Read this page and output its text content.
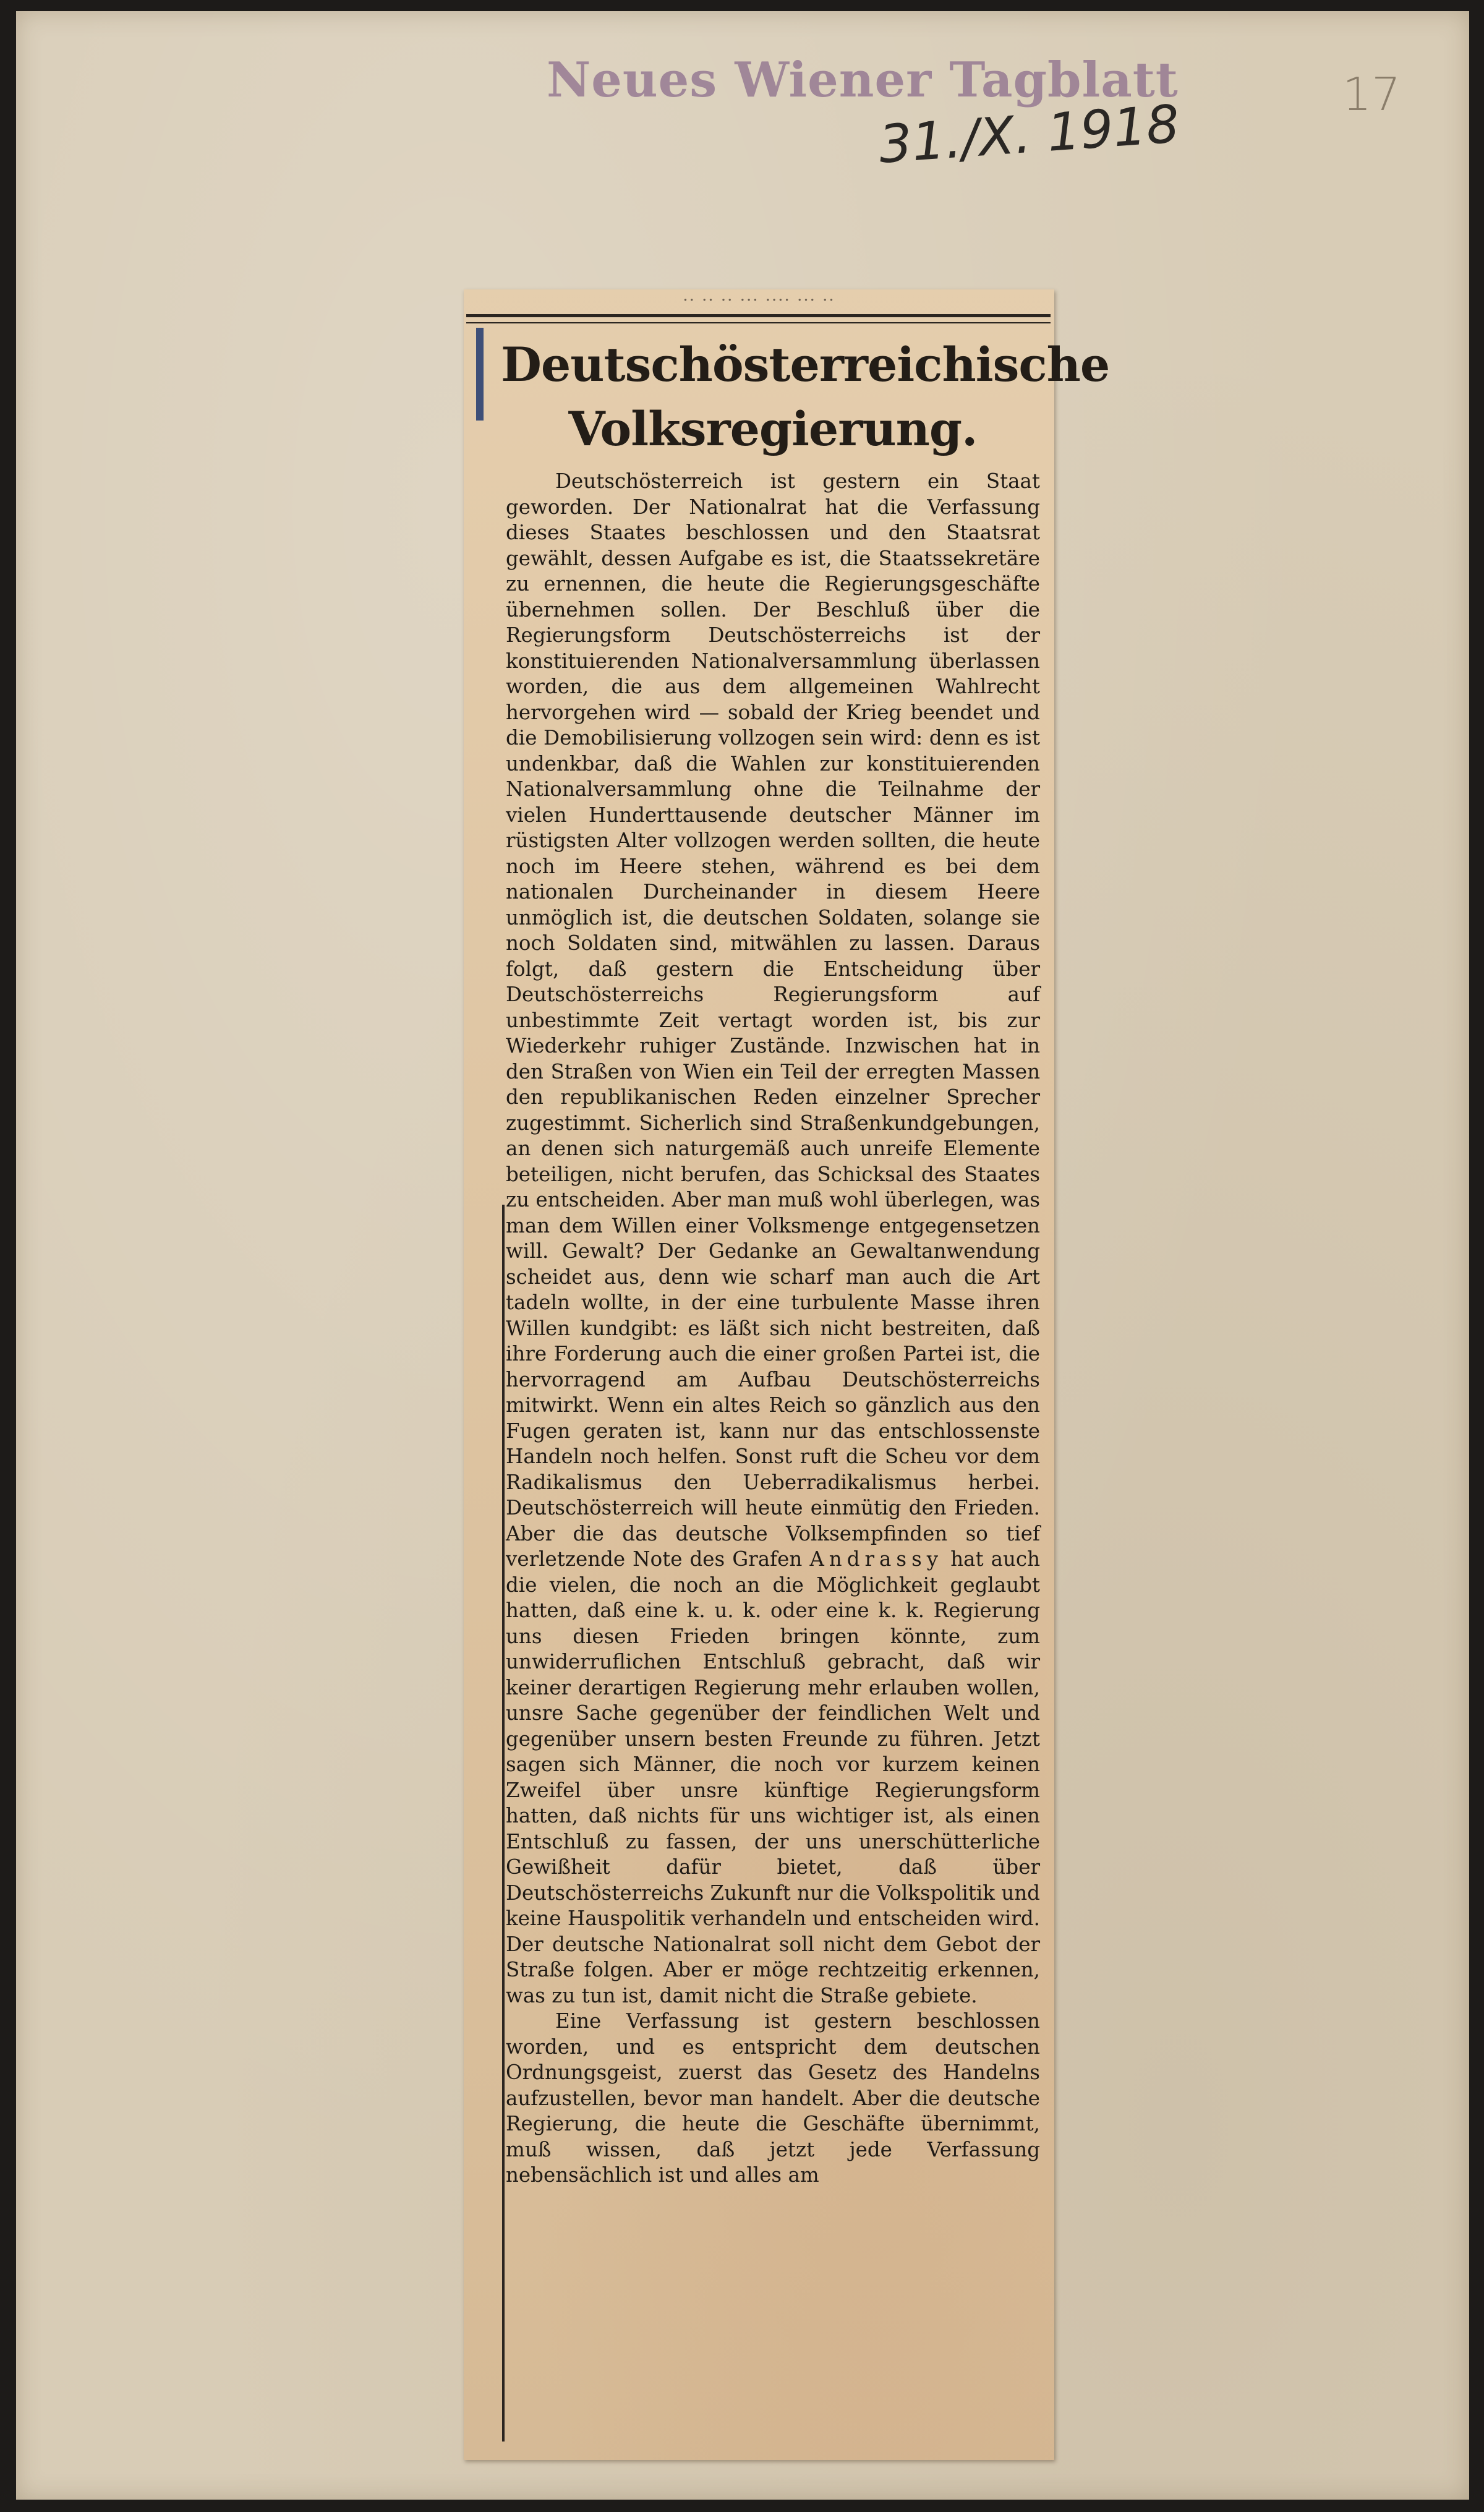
Neues Wiener Tagblatt
31./X. 1918	17
·· ·· ·· ··· ···· ··· ··
Deutschösterreichische Volksregierung.

Deutschösterreich ist gestern ein Staat geworden. Der Nationalrat hat die Verfassung dieses Staates beschlossen und den Staatsrat gewählt, dessen Aufgabe es ist, die Staatssekretäre zu ernennen, die heute die Regierungsgeschäfte übernehmen sollen. Der Beschluß über die Regierungsform Deutschösterreichs ist der konstituierenden Nationalversammlung überlassen worden, die aus dem allgemeinen Wahlrecht hervorgehen wird — sobald der Krieg beendet und die Demobilisierung vollzogen sein wird: denn es ist undenkbar, daß die Wahlen zur konstituierenden Nationalversammlung ohne die Teilnahme der vielen Hunderttausende deutscher Männer im rüstigsten Alter vollzogen werden sollten, die heute noch im Heere stehen, während es bei dem nationalen Durcheinander in diesem Heere unmöglich ist, die deutschen Soldaten, solange sie noch Soldaten sind, mitwählen zu lassen. Daraus folgt, daß gestern die Entscheidung über Deutschösterreichs Regierungsform auf unbestimmte Zeit vertagt worden ist, bis zur Wiederkehr ruhiger Zustände. Inzwischen hat in den Straßen von Wien ein Teil der erregten Massen den republikanischen Reden einzelner Sprecher zugestimmt. Sicherlich sind Straßenkundgebungen, an denen sich naturgemäß auch unreife Elemente beteiligen, nicht berufen, das Schicksal des Staates zu entscheiden. Aber man muß wohl überlegen, was man dem Willen einer Volksmenge entgegensetzen will. Gewalt? Der Gedanke an Gewaltanwendung scheidet aus, denn wie scharf man auch die Art tadeln wollte, in der eine turbulente Masse ihren Willen kundgibt: es läßt sich nicht bestreiten, daß ihre Forderung auch die einer großen Partei ist, die hervorragend am Aufbau Deutschösterreichs mitwirkt. Wenn ein altes Reich so gänzlich aus den Fugen geraten ist, kann nur das entschlossenste Handeln noch helfen. Sonst ruft die Scheu vor dem Radikalismus den Ueberradikalismus herbei. Deutschösterreich will heute einmütig den Frieden. Aber die das deutsche Volksempfinden so tief verletzende Note des Grafen Andrassy hat auch die vielen, die noch an die Möglichkeit geglaubt hatten, daß eine k. u. k. oder eine k. k. Regierung uns diesen Frieden bringen könnte, zum unwiderruflichen Entschluß gebracht, daß wir keiner derartigen Regierung mehr erlauben wollen, unsre Sache gegenüber der feindlichen Welt und gegenüber unsern besten Freunde zu führen. Jetzt sagen sich Männer, die noch vor kurzem keinen Zweifel über unsre künftige Regierungsform hatten, daß nichts für uns wichtiger ist, als einen Entschluß zu fassen, der uns unerschütterliche Gewißheit dafür bietet, daß über Deutschösterreichs Zukunft nur die Volkspolitik und keine Hauspolitik verhandeln und entscheiden wird. Der deutsche Nationalrat soll nicht dem Gebot der Straße folgen. Aber er möge rechtzeitig erkennen, was zu tun ist, damit nicht die Straße gebiete.

Eine Verfassung ist gestern beschlossen worden, und es entspricht dem deutschen Ordnungsgeist, zuerst das Gesetz des Handelns aufzustellen, bevor man handelt. Aber die deutsche Regierung, die heute die Geschäfte übernimmt, muß wissen, daß jetzt jede Verfassung nebensächlich ist und alles am
